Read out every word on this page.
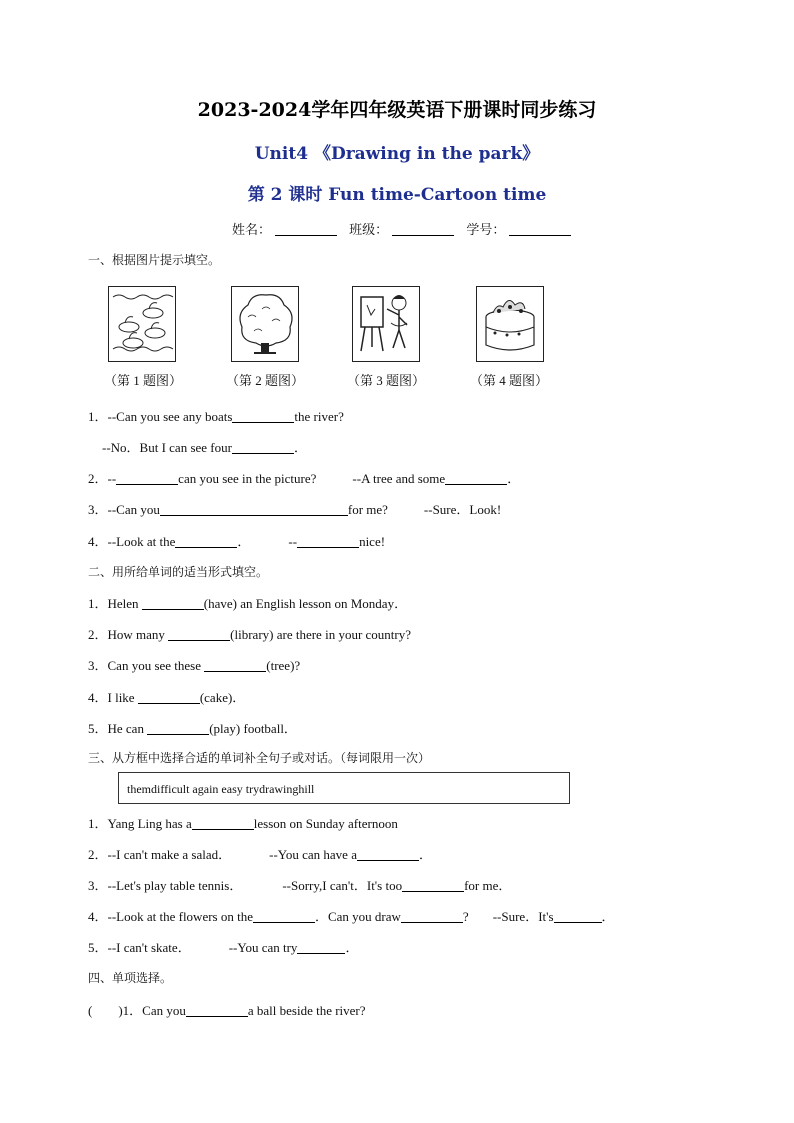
2023-2024学年四年级英语下册课时同步练习
Unit4 《Drawing in the park》
第 2 课时 Fun time-Cartoon time
姓名：	班级：	学号：
一、根据图片提示填空。
（第 1 题图）	（第 2 题图）	（第 3 题图）	（第 4 题图）
1．--Can you see any boats	the river?
--No．But I can see four	．
2．--	can you see in the picture?	--A tree and some	．
3．--Can you	for me?	--Sure．Look!
4．--Look at the	．	--	nice!
二、用所给单词的适当形式填空。
1．Helen	(have) an English lesson on Monday．
2．How many	(library) are there in your country?
3．Can you see these	(tree)?
4．I like	(cake)．
5．He can	(play) football．
三、从方框中选择合适的单词补全句子或对话。（每词限用一次）
themdifficult again easy trydrawinghill
1．Yang Ling has a	lesson on Sunday afternoon
2．--I can't make a salad．	--You can have a	．
3．--Let's play table tennis．	--Sorry,I can't．It's too	for me．
4．--Look at the flowers on the	．Can you draw	? --Sure．It's	．
5．--I can't skate．	--You can try	．
四、单项选择。
(　　)1．Can you	a ball beside the river?
